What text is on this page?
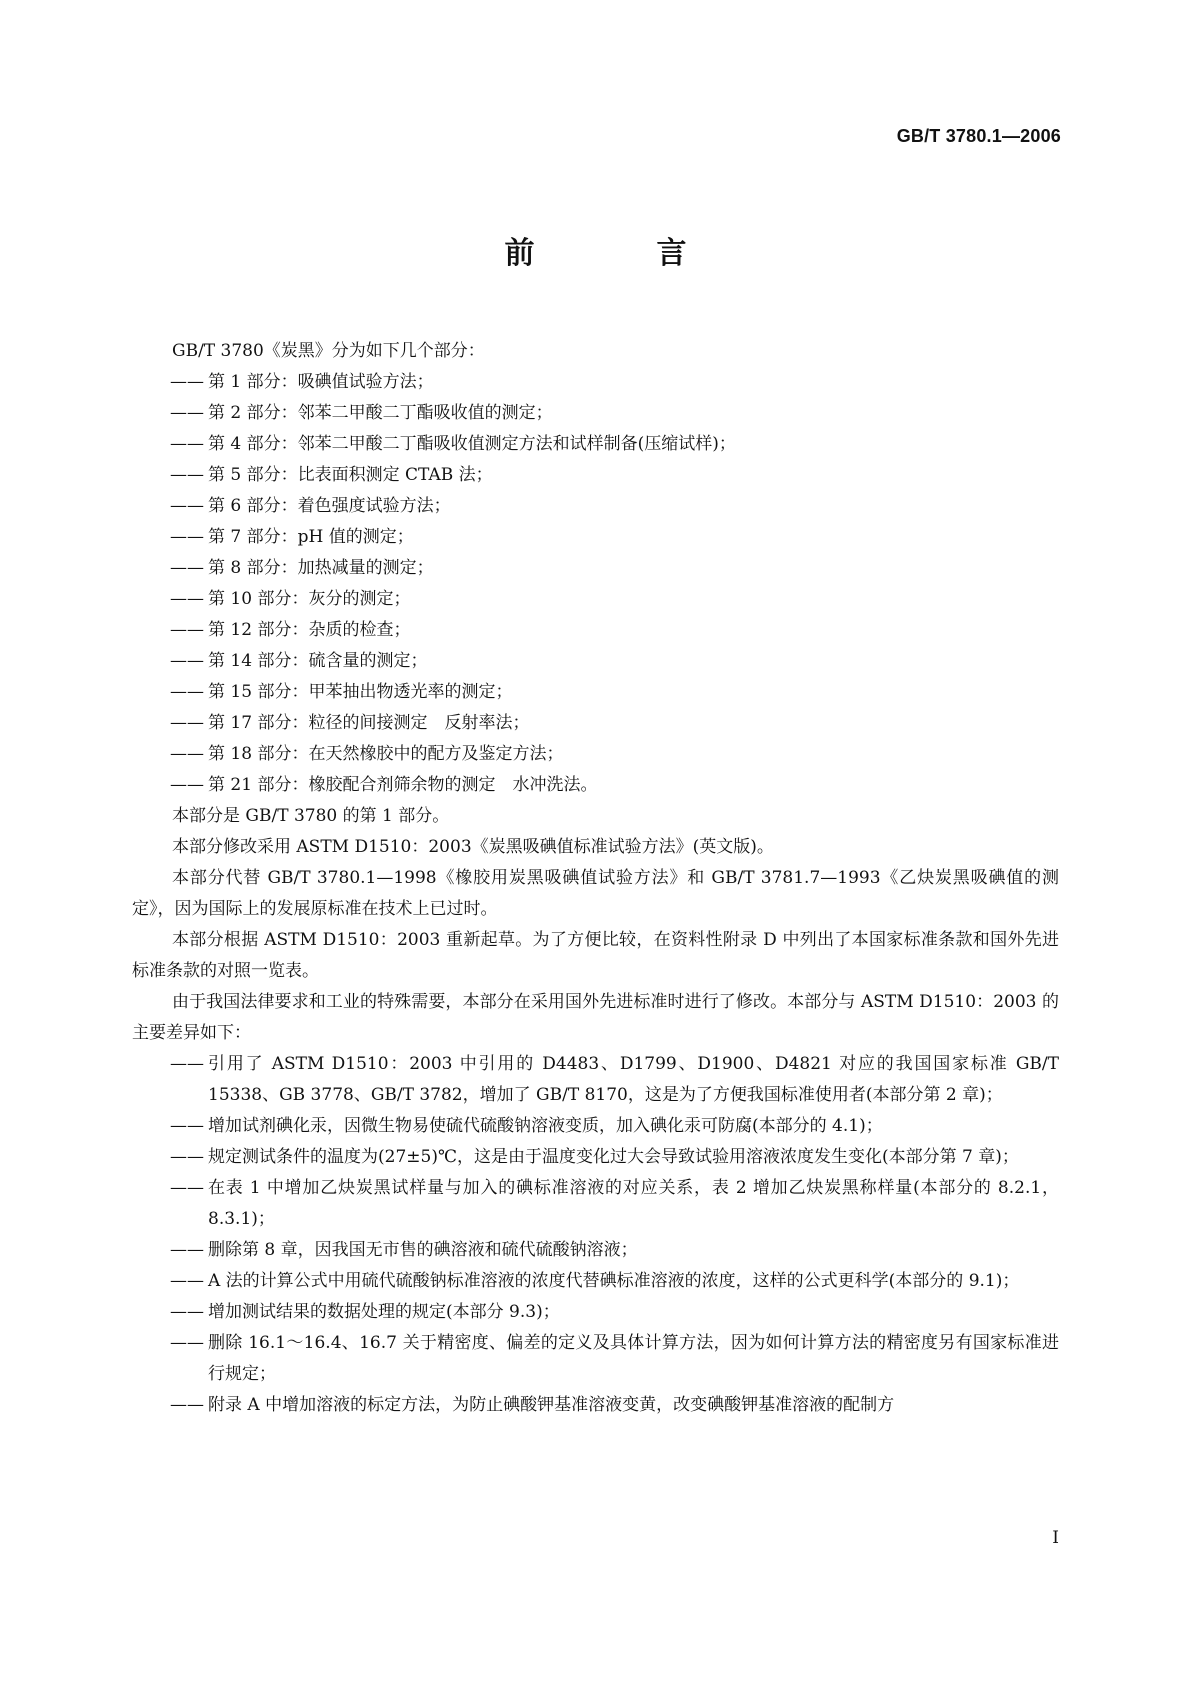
GB/T 3780.1—2006
前　言

GB/T 3780《炭黑》分为如下几个部分：

—— 第 1 部分：吸碘值试验方法；
—— 第 2 部分：邻苯二甲酸二丁酯吸收值的测定；
—— 第 4 部分：邻苯二甲酸二丁酯吸收值测定方法和试样制备(压缩试样)；
—— 第 5 部分：比表面积测定 CTAB 法；
—— 第 6 部分：着色强度试验方法；
—— 第 7 部分：pH 值的测定；
—— 第 8 部分：加热减量的测定；
—— 第 10 部分：灰分的测定；
—— 第 12 部分：杂质的检查；
—— 第 14 部分：硫含量的测定；
—— 第 15 部分：甲苯抽出物透光率的测定；
—— 第 17 部分：粒径的间接测定　反射率法；
—— 第 18 部分：在天然橡胶中的配方及鉴定方法；
—— 第 21 部分：橡胶配合剂筛余物的测定　水冲洗法。

本部分是 GB/T 3780 的第 1 部分。

本部分修改采用 ASTM D1510：2003《炭黑吸碘值标准试验方法》(英文版)。

本部分代替 GB/T 3780.1—1998《橡胶用炭黑吸碘值试验方法》和 GB/T 3781.7—1993《乙炔炭黑吸碘值的测定》，因为国际上的发展原标准在技术上已过时。

本部分根据 ASTM D1510：2003 重新起草。为了方便比较，在资料性附录 D 中列出了本国家标准条款和国外先进标准条款的对照一览表。

由于我国法律要求和工业的特殊需要，本部分在采用国外先进标准时进行了修改。本部分与 ASTM D1510：2003 的主要差异如下：

—— 引用了 ASTM D1510：2003 中引用的 D4483、D1799、D1900、D4821 对应的我国国家标准 GB/T 15338、GB 3778、GB/T 3782，增加了 GB/T 8170，这是为了方便我国标准使用者(本部分第 2 章)；
—— 增加试剂碘化汞，因微生物易使硫代硫酸钠溶液变质，加入碘化汞可防腐(本部分的 4.1)；
—— 规定测试条件的温度为(27±5)℃，这是由于温度变化过大会导致试验用溶液浓度发生变化(本部分第 7 章)；
—— 在表 1 中增加乙炔炭黑试样量与加入的碘标准溶液的对应关系，表 2 增加乙炔炭黑称样量(本部分的 8.2.1，8.3.1)；
—— 删除第 8 章，因我国无市售的碘溶液和硫代硫酸钠溶液；
—— A 法的计算公式中用硫代硫酸钠标准溶液的浓度代替碘标准溶液的浓度，这样的公式更科学(本部分的 9.1)；
—— 增加测试结果的数据处理的规定(本部分 9.3)；
—— 删除 16.1～16.4、16.7 关于精密度、偏差的定义及具体计算方法，因为如何计算方法的精密度另有国家标准进行规定；
—— 附录 A 中增加溶液的标定方法，为防止碘酸钾基准溶液变黄，改变碘酸钾基准溶液的配制方
I
